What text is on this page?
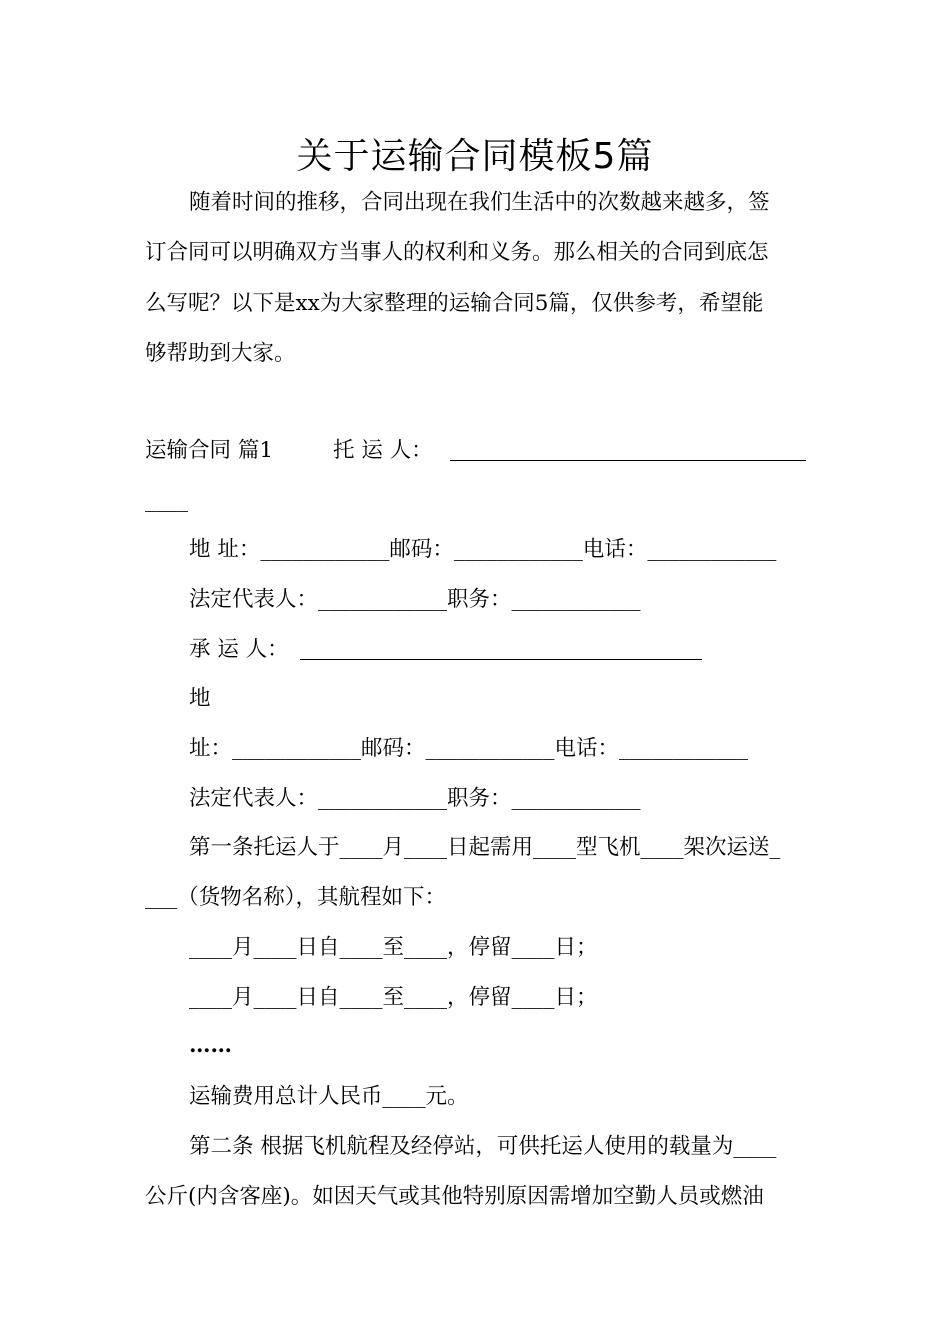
关于运输合同模板5篇
随着时间的推移，合同出现在我们生活中的次数越来越多，签
订合同可以明确双方当事人的权利和义务。那么相关的合同到底怎
么写呢？以下是xx为大家整理的运输合同5篇，仅供参考，希望能
够帮助到大家。
运输合同 篇1	托 运 人：
____
地 址：____________邮码：____________电话：____________
法定代表人：____________职务：____________
承 运 人：
地
址：____________邮码：____________电话：____________
法定代表人：____________职务：____________
第一条托运人于____月____日起需用____型飞机____架次运送_
___（货物名称），其航程如下：
____月____日自____至____，停留____日；
____月____日自____至____，停留____日；
……
运输费用总计人民币____元。
第二条 根据飞机航程及经停站，可供托运人使用的载量为____
公斤(内含客座)。如因天气或其他特别原因需增加空勤人员或燃油
